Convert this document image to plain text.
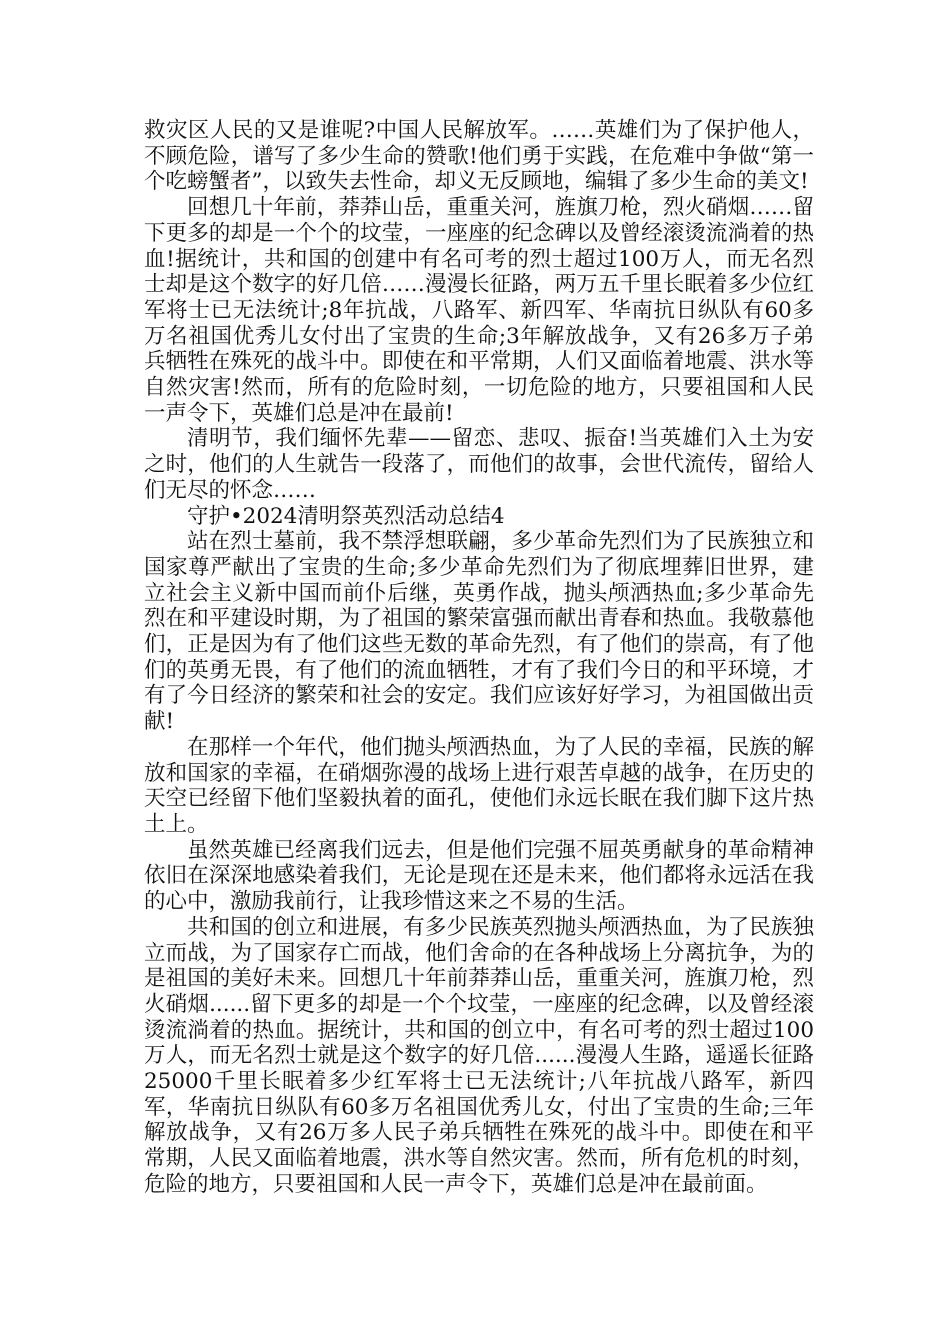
救灾区人民的又是谁呢?中国人民解放军。……英雄们为了保护他人，不顾危险，谱写了多少生命的赞歌!他们勇于实践，在危难中争做“第一个吃螃蟹者”，以致失去性命，却义无反顾地，编辑了多少生命的美文!

回想几十年前，莽莽山岳，重重关河，旌旗刀枪，烈火硝烟……留下更多的却是一个个的坟莹，一座座的纪念碑以及曾经滚烫流淌着的热血!据统计，共和国的创建中有名可考的烈士超过100万人，而无名烈士却是这个数字的好几倍……漫漫长征路，两万五千里长眠着多少位红军将士已无法统计;8年抗战，八路军、新四军、华南抗日纵队有60多万名祖国优秀儿女付出了宝贵的生命;3年解放战争，又有26多万子弟兵牺牲在殊死的战斗中。即使在和平常期，人们又面临着地震、洪水等自然灾害!然而，所有的危险时刻，一切危险的地方，只要祖国和人民一声令下，英雄们总是冲在最前!

清明节，我们缅怀先辈——留恋、悲叹、振奋!当英雄们入土为安之时，他们的人生就告一段落了，而他们的故事，会世代流传，留给人们无尽的怀念……

守护•2024清明祭英烈活动总结4

站在烈士墓前，我不禁浮想联翩，多少革命先烈们为了民族独立和国家尊严献出了宝贵的生命;多少革命先烈们为了彻底埋葬旧世界，建立社会主义新中国而前仆后继，英勇作战，抛头颅洒热血;多少革命先烈在和平建设时期，为了祖国的繁荣富强而献出青春和热血。我敬慕他们，正是因为有了他们这些无数的革命先烈，有了他们的崇高，有了他们的英勇无畏，有了他们的流血牺牲，才有了我们今日的和平环境，才有了今日经济的繁荣和社会的安定。我们应该好好学习，为祖国做出贡献!

在那样一个年代，他们抛头颅洒热血，为了人民的幸福，民族的解放和国家的幸福，在硝烟弥漫的战场上进行艰苦卓越的战争，在历史的天空已经留下他们坚毅执着的面孔，使他们永远长眠在我们脚下这片热土上。

虽然英雄已经离我们远去，但是他们完强不屈英勇献身的革命精神依旧在深深地感染着我们，无论是现在还是未来，他们都将永远活在我的心中，激励我前行，让我珍惜这来之不易的生活。

共和国的创立和进展，有多少民族英烈抛头颅洒热血，为了民族独立而战，为了国家存亡而战，他们舍命的在各种战场上分离抗争，为的是祖国的美好未来。回想几十年前莽莽山岳，重重关河，旌旗刀枪，烈火硝烟......留下更多的却是一个个坟莹，一座座的纪念碑，以及曾经滚烫流淌着的热血。据统计，共和国的创立中，有名可考的烈士超过100万人，而无名烈士就是这个数字的好几倍......漫漫人生路，遥遥长征路25000千里长眠着多少红军将士已无法统计;八年抗战八路军，新四军，华南抗日纵队有60多万名祖国优秀儿女，付出了宝贵的生命;三年解放战争，又有26万多人民子弟兵牺牲在殊死的战斗中。即使在和平常期，人民又面临着地震，洪水等自然灾害。然而，所有危机的时刻，危险的地方，只要祖国和人民一声令下，英雄们总是冲在最前面。
